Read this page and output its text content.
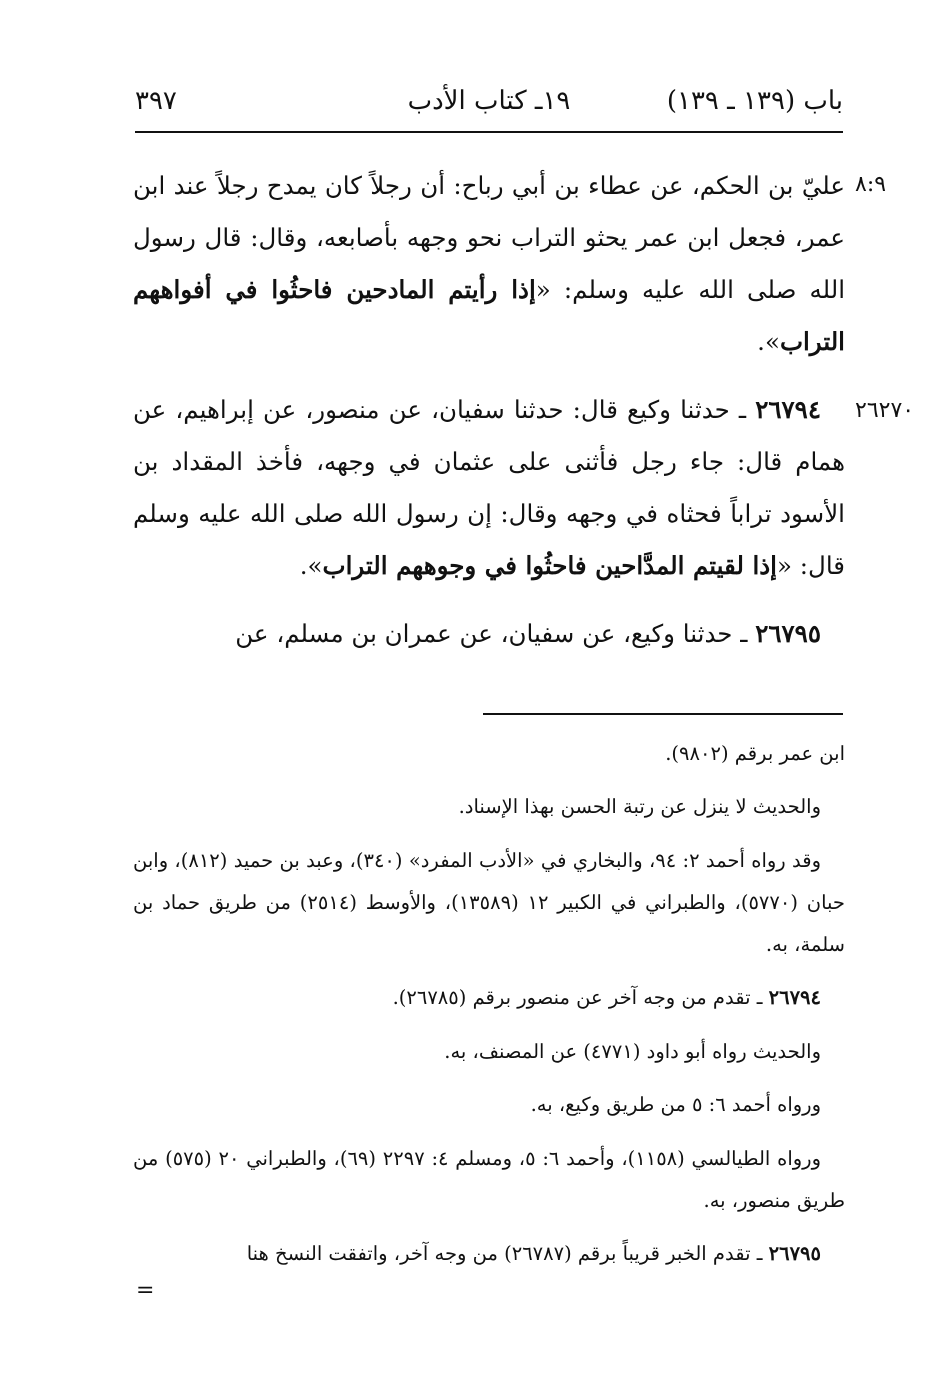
باب (١٣٩ ـ ١٣٩)
١٩ـ كتاب الأدب
٣٩٧
٨:٩
عليّ بن الحكم، عن عطاء بن أبي رباح: أن رجلاً كان يمدح رجلاً عند ابن عمر، فجعل ابن عمر يحثو التراب نحو وجهه بأصابعه، وقال: قال رسول الله صلى الله عليه وسلم: «إذا رأيتم المادحين فاحثُوا في أفواههم التراب».
٢٦٢٧٠
٢٦٧٩٤ ـ حدثنا وكيع قال: حدثنا سفيان، عن منصور، عن إبراهيم، عن همام قال: جاء رجل فأثنى على عثمان في وجهه، فأخذ المقداد بن الأسود تراباً فحثاه في وجهه وقال: إن رسول الله صلى الله عليه وسلم قال: «إذا لقيتم المدَّاحين فاحثُوا في وجوههم التراب».
٢٦٧٩٥ ـ حدثنا وكيع، عن سفيان، عن عمران بن مسلم، عن
ابن عمر برقم (٩٨٠٢).
والحديث لا ينزل عن رتبة الحسن بهذا الإسناد.
وقد رواه أحمد ٢: ٩٤، والبخاري في «الأدب المفرد» (٣٤٠)، وعبد بن حميد (٨١٢)، وابن حبان (٥٧٧٠)، والطبراني في الكبير ١٢ (١٣٥٨٩)، والأوسط (٢٥١٤) من طريق حماد بن سلمة، به.
٢٦٧٩٤ ـ تقدم من وجه آخر عن منصور برقم (٢٦٧٨٥).
والحديث رواه أبو داود (٤٧٧١) عن المصنف، به.
ورواه أحمد ٦: ٥ من طريق وكيع، به.
ورواه الطيالسي (١١٥٨)، وأحمد ٦: ٥، ومسلم ٤: ٢٢٩٧ (٦٩)، والطبراني ٢٠ (٥٧٥) من طريق منصور، به.
٢٦٧٩٥ ـ تقدم الخبر قريباً برقم (٢٦٧٨٧) من وجه آخر، واتفقت النسخ هنا
=
